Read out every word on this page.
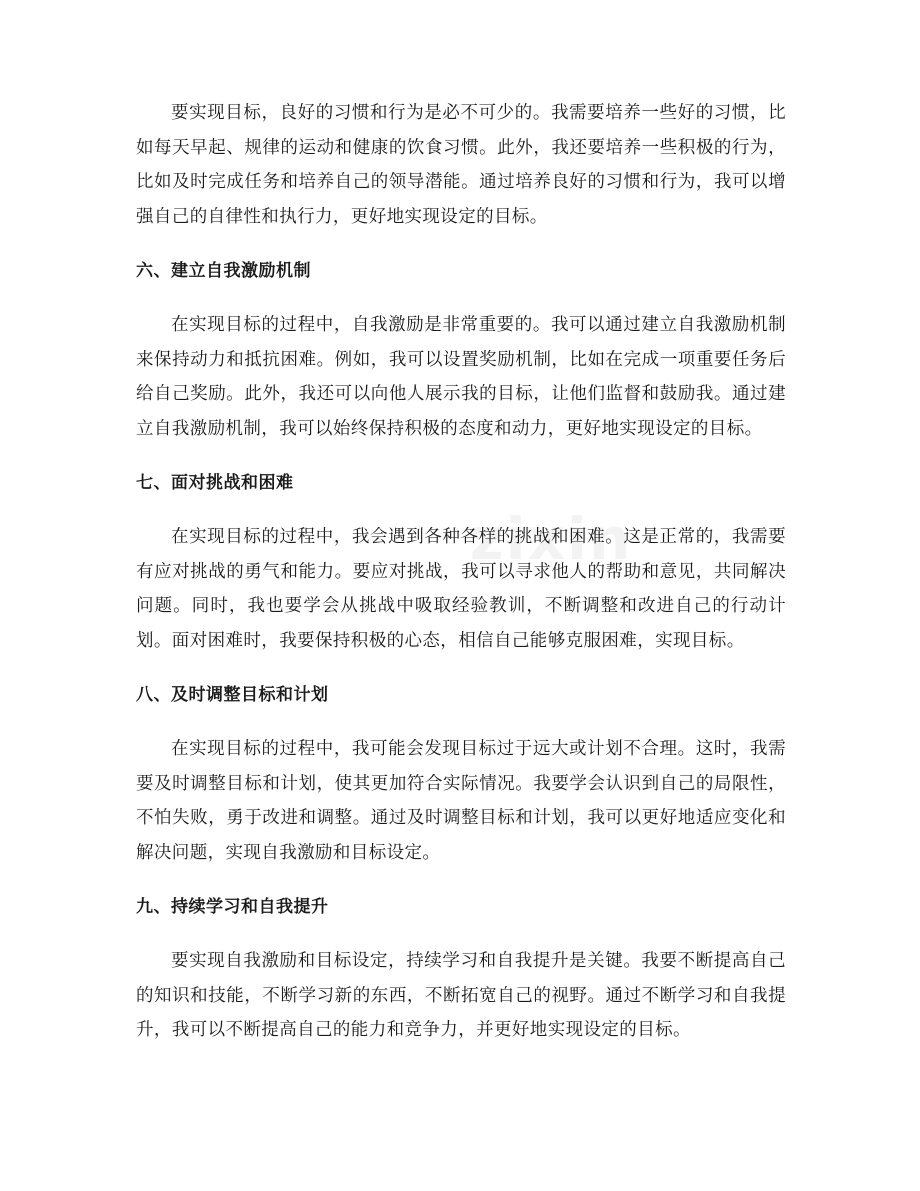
zixin

要实现目标，良好的习惯和行为是必不可少的。我需要培养一些好的习惯，比如每天早起、规律的运动和健康的饮食习惯。此外，我还要培养一些积极的行为，比如及时完成任务和培养自己的领导潜能。通过培养良好的习惯和行为，我可以增强自己的自律性和执行力，更好地实现设定的目标。

六、建立自我激励机制

在实现目标的过程中，自我激励是非常重要的。我可以通过建立自我激励机制来保持动力和抵抗困难。例如，我可以设置奖励机制，比如在完成一项重要任务后给自己奖励。此外，我还可以向他人展示我的目标，让他们监督和鼓励我。通过建立自我激励机制，我可以始终保持积极的态度和动力，更好地实现设定的目标。

七、面对挑战和困难

在实现目标的过程中，我会遇到各种各样的挑战和困难。这是正常的，我需要有应对挑战的勇气和能力。要应对挑战，我可以寻求他人的帮助和意见，共同解决问题。同时，我也要学会从挑战中吸取经验教训，不断调整和改进自己的行动计划。面对困难时，我要保持积极的心态，相信自己能够克服困难，实现目标。

八、及时调整目标和计划

在实现目标的过程中，我可能会发现目标过于远大或计划不合理。这时，我需要及时调整目标和计划，使其更加符合实际情况。我要学会认识到自己的局限性，不怕失败，勇于改进和调整。通过及时调整目标和计划，我可以更好地适应变化和解决问题，实现自我激励和目标设定。

九、持续学习和自我提升

要实现自我激励和目标设定，持续学习和自我提升是关键。我要不断提高自己的知识和技能，不断学习新的东西，不断拓宽自己的视野。通过不断学习和自我提升，我可以不断提高自己的能力和竞争力，并更好地实现设定的目标。
